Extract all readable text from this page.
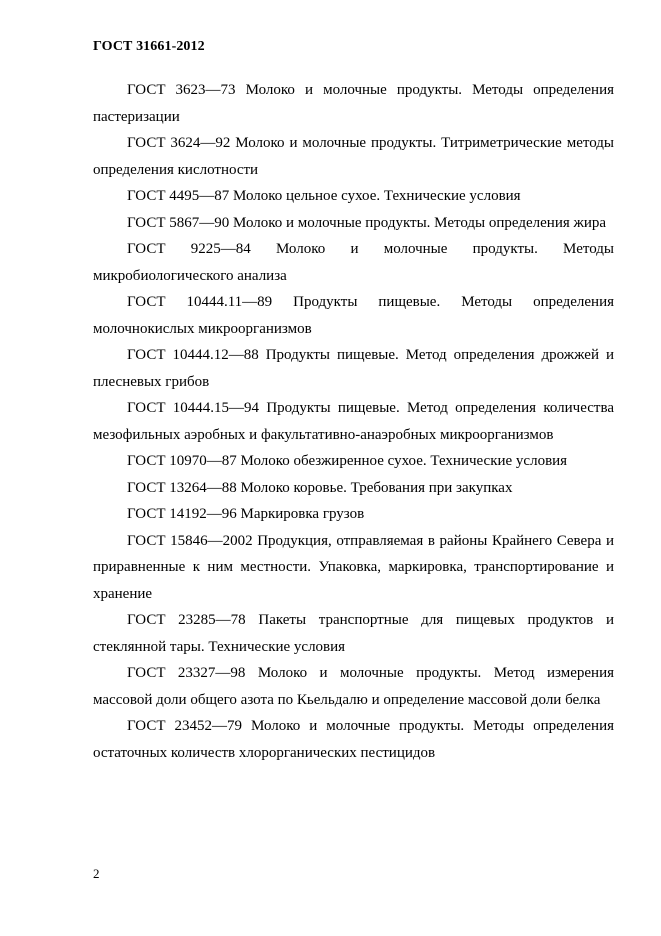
ГОСТ 31661-2012

ГОСТ 3623—73 Молоко и молочные продукты. Методы определения пастеризации

ГОСТ 3624—92 Молоко и молочные продукты. Титриметрические методы определения кислотности

ГОСТ 4495—87 Молоко цельное сухое. Технические условия

ГОСТ 5867—90 Молоко и молочные продукты. Методы определения жира

ГОСТ 9225—84 Молоко и молочные продукты. Методы микробиологического анализа

ГОСТ 10444.11—89 Продукты пищевые. Методы определения молочнокислых микроорганизмов

ГОСТ 10444.12—88 Продукты пищевые. Метод определения дрожжей и плесневых грибов

ГОСТ 10444.15—94 Продукты пищевые. Метод определения количества мезофильных аэробных и факультативно-анаэробных микроорганизмов

ГОСТ 10970—87 Молоко обезжиренное сухое. Технические условия

ГОСТ 13264—88 Молоко коровье. Требования при закупках

ГОСТ 14192—96 Маркировка грузов

ГОСТ 15846—2002 Продукция, отправляемая в районы Крайнего Севера и приравненные к ним местности. Упаковка, маркировка, транспортирование и хранение

ГОСТ 23285—78 Пакеты транспортные для пищевых продуктов и стеклянной тары. Технические условия

ГОСТ 23327—98 Молоко и молочные продукты. Метод измерения массовой доли общего азота по Кьельдалю и определение массовой доли белка

ГОСТ 23452—79 Молоко и молочные продукты. Методы определения остаточных количеств хлорорганических пестицидов

2
